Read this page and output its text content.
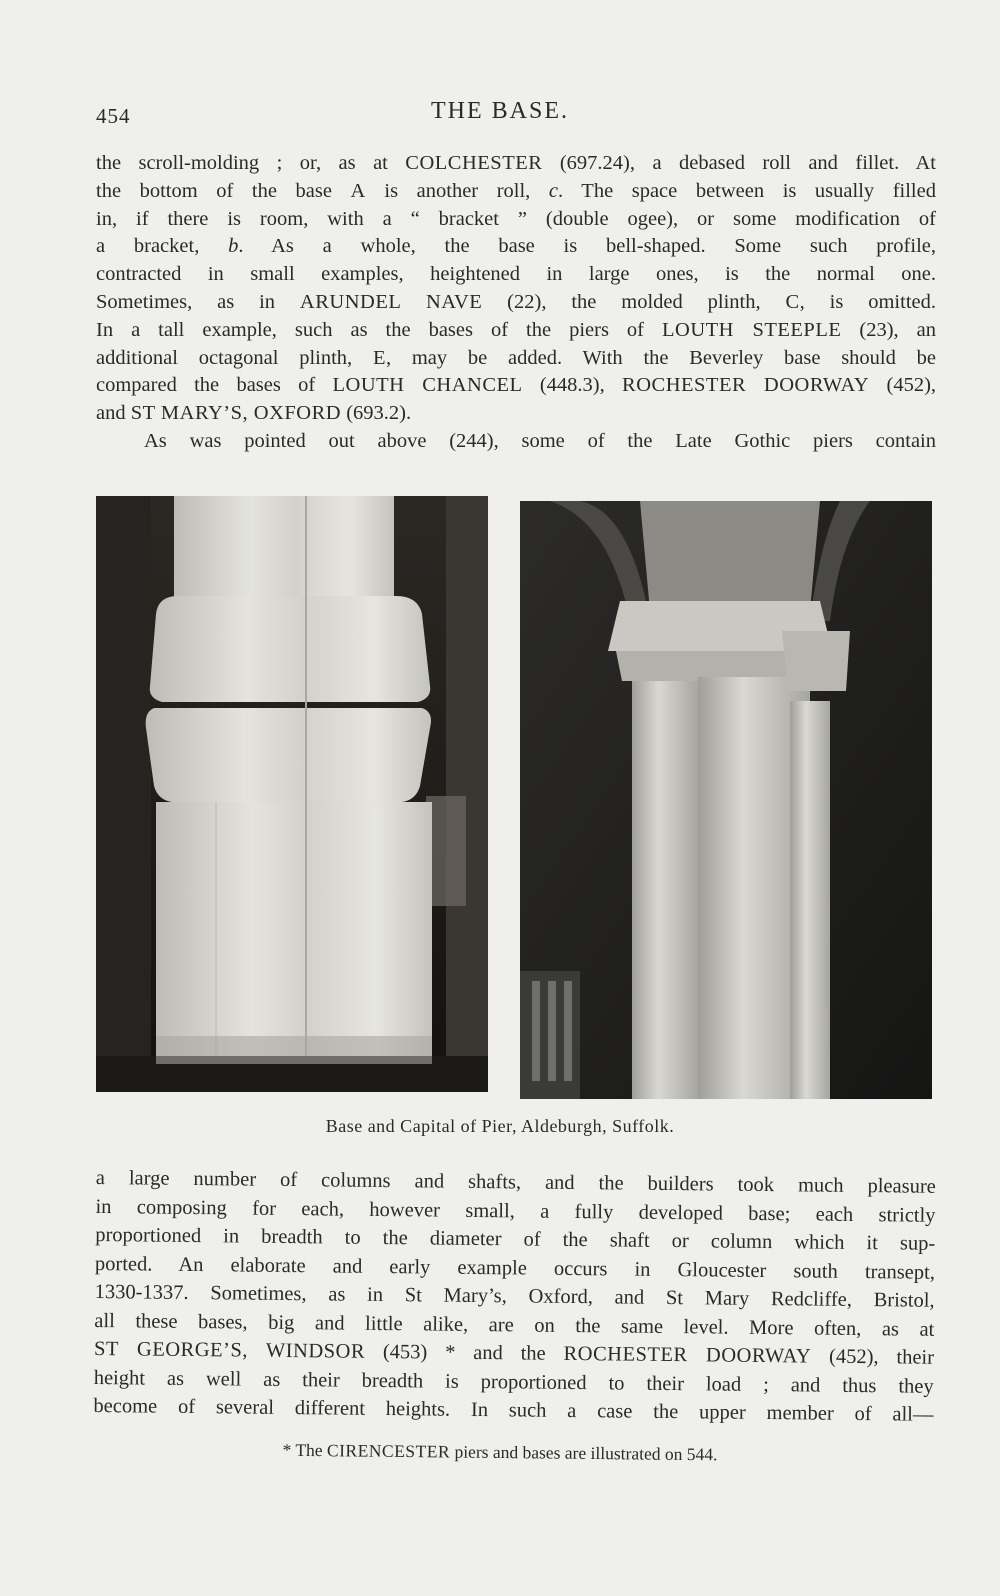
454	THE BASE.
the scroll-molding ; or, as at COLCHESTER (697.24), a debased roll and fillet. At
the bottom of the base A is another roll, c. The space between is usually filled
in, if there is room, with a “ bracket ” (double ogee), or some modification of
a bracket, b. As a whole, the base is bell-shaped. Some such profile,
contracted in small examples, heightened in large ones, is the normal one.
Sometimes, as in ARUNDEL NAVE (22), the molded plinth, C, is omitted.
In a tall example, such as the bases of the piers of LOUTH STEEPLE (23), an
additional octagonal plinth, E, may be added. With the Beverley base should be
compared the bases of LOUTH CHANCEL (448.3), ROCHESTER DOORWAY (452),
and ST MARY’S, OXFORD (693.2).
As was pointed out above (244), some of the Late Gothic piers contain
Base and Capital of Pier, Aldeburgh, Suffolk.
a large number of columns and shafts, and the builders took much pleasure
in composing for each, however small, a fully developed base; each strictly
proportioned in breadth to the diameter of the shaft or column which it sup-
ported. An elaborate and early example occurs in Gloucester south transept,
1330-1337. Sometimes, as in St Mary’s, Oxford, and St Mary Redcliffe, Bristol,
all these bases, big and little alike, are on the same level. More often, as at
ST GEORGE’S, WINDSOR (453) * and the ROCHESTER DOORWAY (452), their
height as well as their breadth is proportioned to their load ; and thus they
become of several different heights. In such a case the upper member of all—
* The CIRENCESTER piers and bases are illustrated on 544.
